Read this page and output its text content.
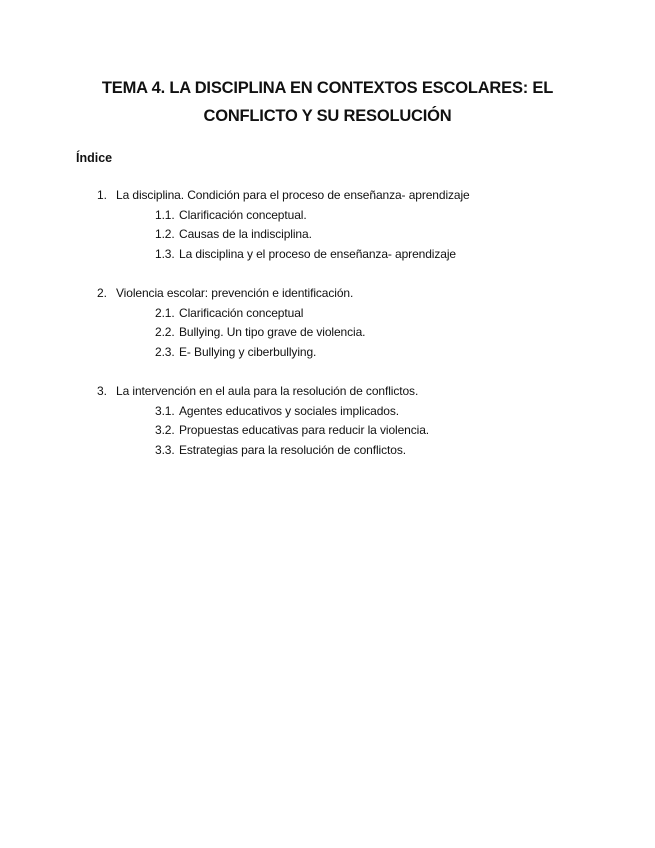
TEMA 4. LA DISCIPLINA EN CONTEXTOS ESCOLARES: EL
CONFLICTO Y SU RESOLUCIÓN
Índice
1. La disciplina. Condición para el proceso de enseñanza- aprendizaje
1.1. Clarificación conceptual.
1.2. Causas de la indisciplina.
1.3. La disciplina y el proceso de enseñanza- aprendizaje
2. Violencia escolar: prevención e identificación.
2.1. Clarificación conceptual
2.2. Bullying. Un tipo grave de violencia.
2.3. E- Bullying y ciberbullying.
3. La intervención en el aula para la resolución de conflictos.
3.1. Agentes educativos y sociales implicados.
3.2. Propuestas educativas para reducir la violencia.
3.3. Estrategias para la resolución de conflictos.
